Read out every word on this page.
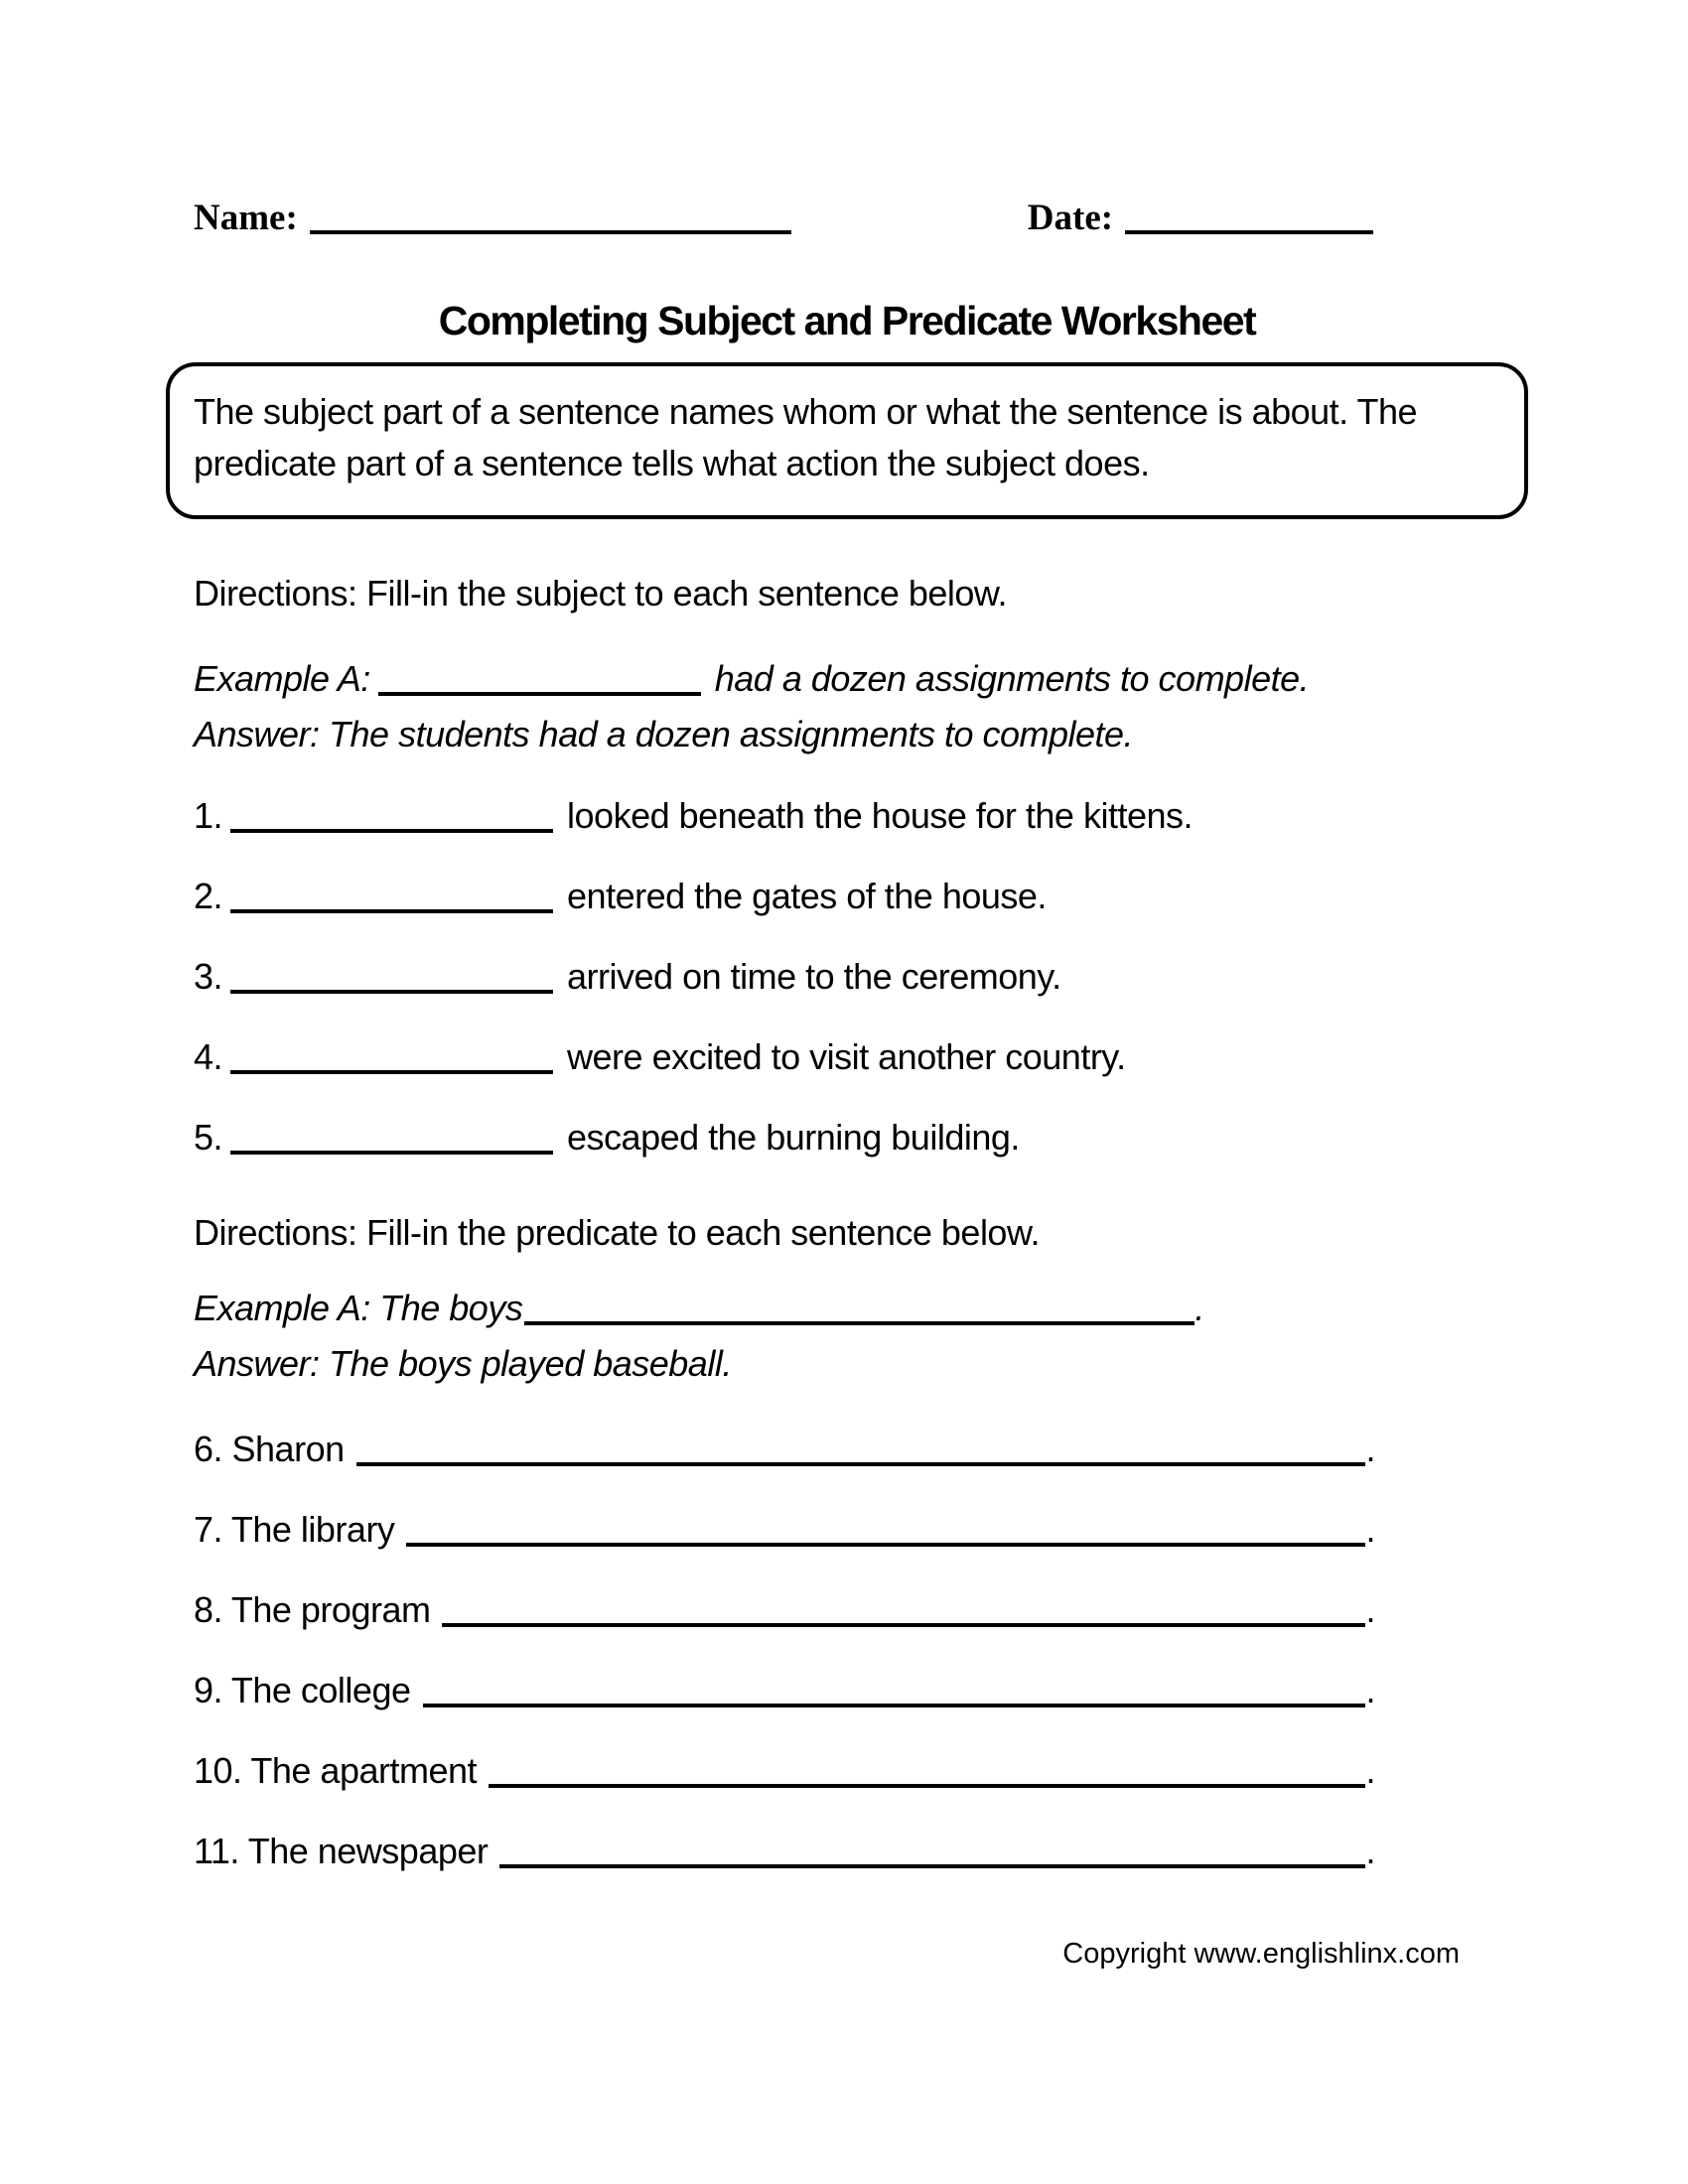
Name:	Date:
Completing Subject and Predicate Worksheet
The subject part of a sentence names whom or what the sentence is about. The
predicate part of a sentence tells what action the subject does.
Directions: Fill-in the subject to each sentence below.
Example A:	had a dozen assignments to complete.
Answer: The students had a dozen assignments to complete.
1.	looked beneath the house for the kittens.
2.	entered the gates of the house.
3.	arrived on time to the ceremony.
4.	were excited to visit another country.
5.	escaped the burning building.
Directions: Fill-in the predicate to each sentence below.
Example A: The boys	.
Answer: The boys played baseball.
6. Sharon	.
7. The library	.
8. The program	.
9. The college	.
10. The apartment	.
11. The newspaper	.
Copyright www.englishlinx.com
